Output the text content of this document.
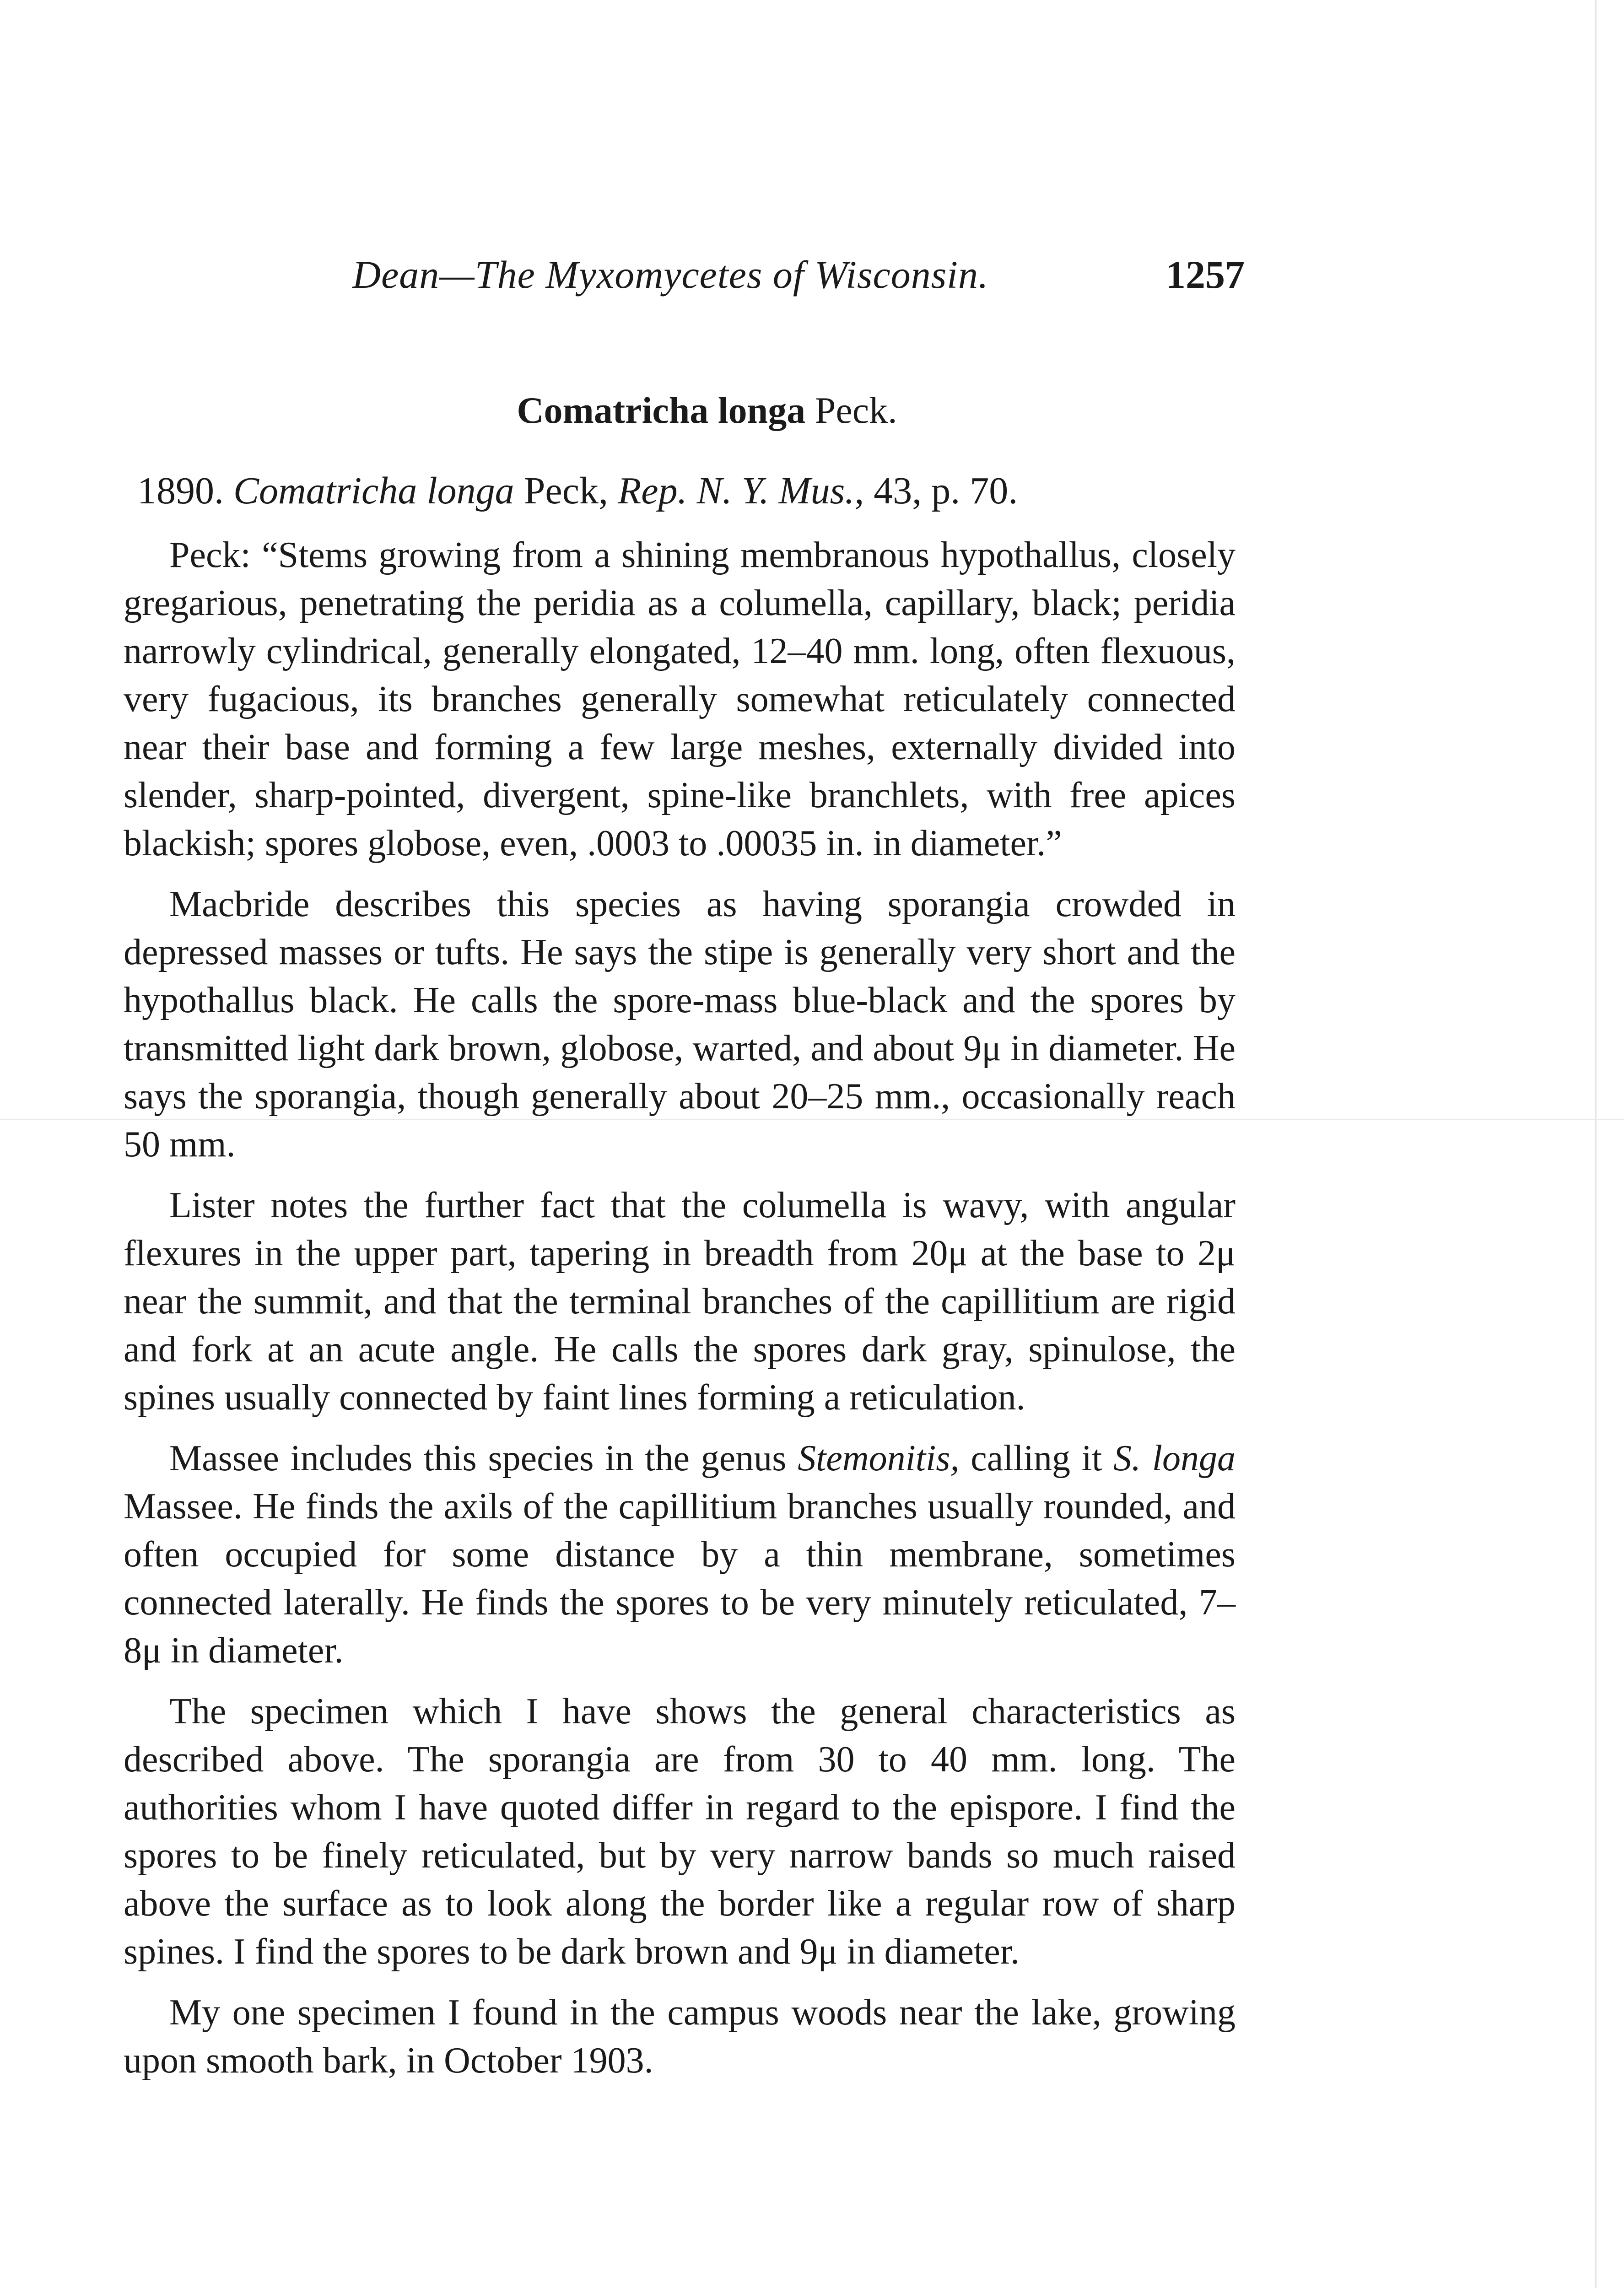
Dean—The Myxomycetes of Wisconsin.	1257
Comatricha longa Peck.
1890. Comatricha longa Peck, Rep. N. Y. Mus., 43, p. 70.

Peck: “Stems growing from a shining membranous hypothallus, closely gregarious, penetrating the peridia as a columella, capillary, black; peridia narrowly cylindrical, generally elongated, 12–40 mm. long, often flexuous, very fugacious, its branches generally somewhat reticulately connected near their base and forming a few large meshes, externally divided into slender, sharp-pointed, divergent, spine-like branchlets, with free apices blackish; spores globose, even, .0003 to .00035 in. in diameter.”

Macbride describes this species as having sporangia crowded in depressed masses or tufts. He says the stipe is generally very short and the hypothallus black. He calls the spore-mass blue-black and the spores by transmitted light dark brown, globose, warted, and about 9μ in diameter. He says the sporangia, though generally about 20–25 mm., occasionally reach 50 mm.

Lister notes the further fact that the columella is wavy, with angular flexures in the upper part, tapering in breadth from 20μ at the base to 2μ near the summit, and that the terminal branches of the capillitium are rigid and fork at an acute angle. He calls the spores dark gray, spinulose, the spines usually connected by faint lines forming a reticulation.

Massee includes this species in the genus Stemonitis, calling it S. longa Massee. He finds the axils of the capillitium branches usually rounded, and often occupied for some distance by a thin membrane, sometimes connected laterally. He finds the spores to be very minutely reticulated, 7–8μ in diameter.

The specimen which I have shows the general characteristics as described above. The sporangia are from 30 to 40 mm. long. The authorities whom I have quoted differ in regard to the epispore. I find the spores to be finely reticulated, but by very narrow bands so much raised above the surface as to look along the border like a regular row of sharp spines. I find the spores to be dark brown and 9μ in diameter.

My one specimen I found in the campus woods near the lake, growing upon smooth bark, in October 1903.
